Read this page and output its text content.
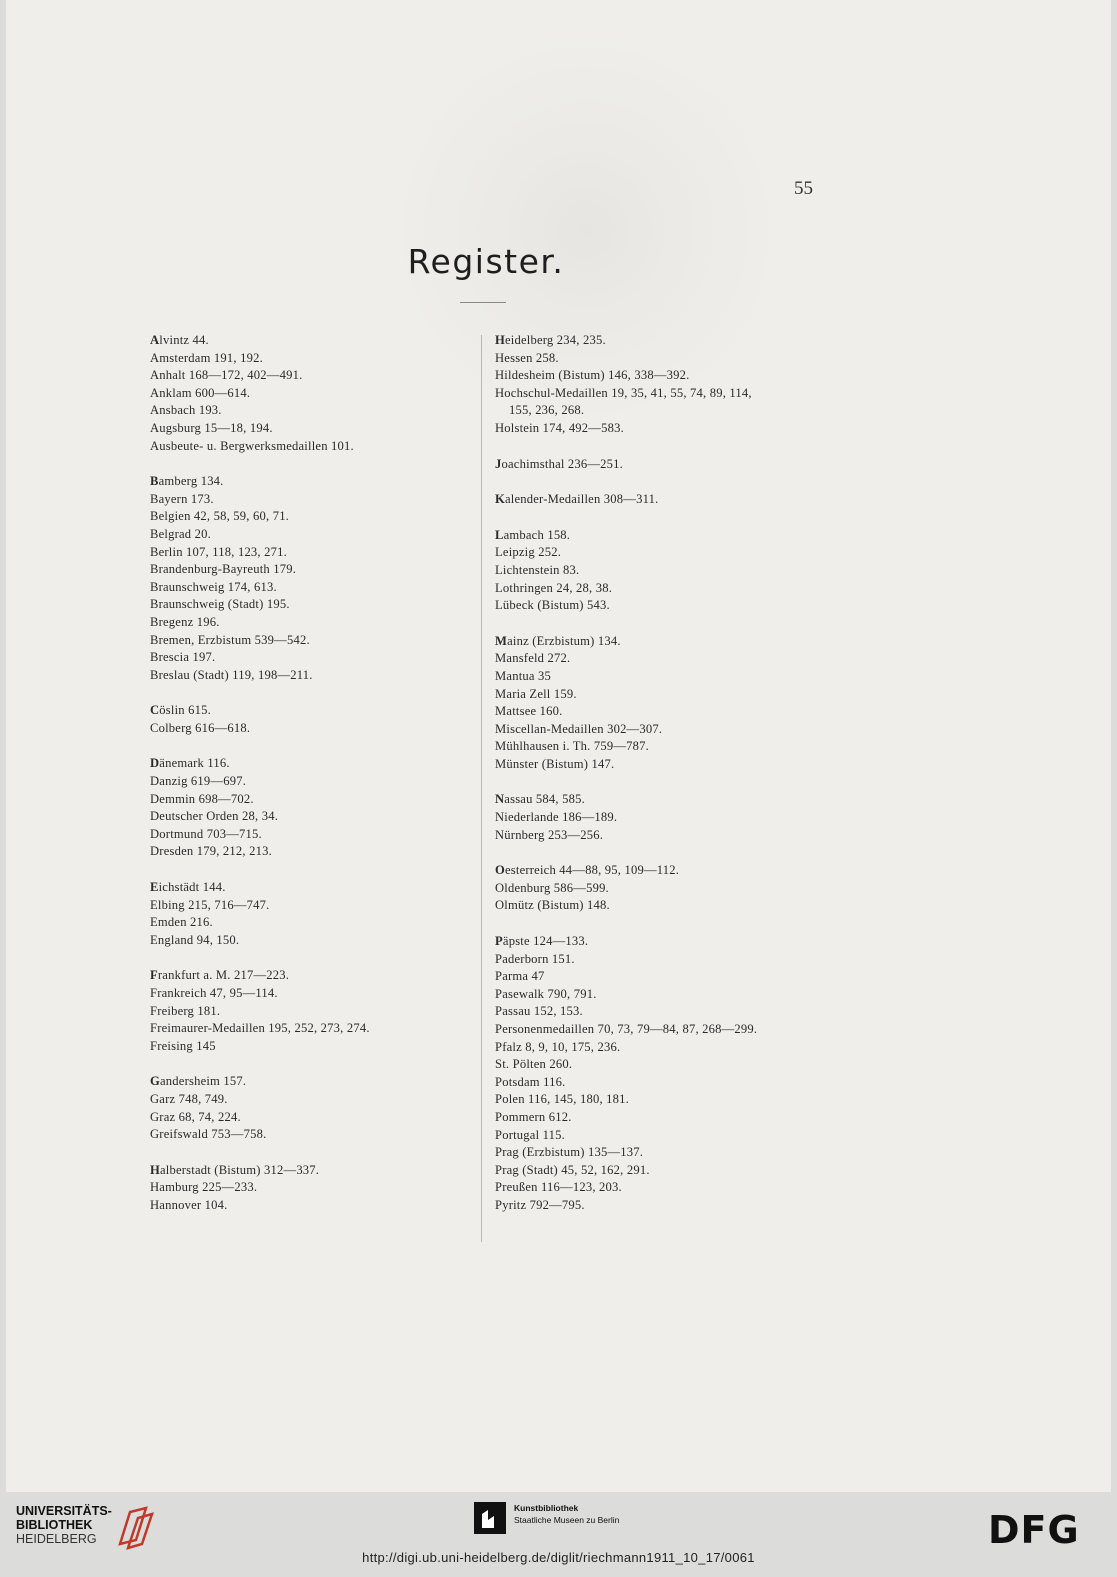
55
Register.
Alvintz 44.
Amsterdam 191, 192.
Anhalt 168—172, 402—491.
Anklam 600—614.
Ansbach 193.
Augsburg 15—18, 194.
Ausbeute- u. Bergwerksmedaillen 101.
Bamberg 134.
Bayern 173.
Belgien 42, 58, 59, 60, 71.
Belgrad 20.
Berlin 107, 118, 123, 271.
Brandenburg-Bayreuth 179.
Braunschweig 174, 613.
Braunschweig (Stadt) 195.
Bregenz 196.
Bremen, Erzbistum 539—542.
Brescia 197.
Breslau (Stadt) 119, 198—211.
Cöslin 615.
Colberg 616—618.
Dänemark 116.
Danzig 619—697.
Demmin 698—702.
Deutscher Orden 28, 34.
Dortmund 703—715.
Dresden 179, 212, 213.
Eichstädt 144.
Elbing 215, 716—747.
Emden 216.
England 94, 150.
Frankfurt a. M. 217—223.
Frankreich 47, 95—114.
Freiberg 181.
Freimaurer-Medaillen 195, 252, 273, 274.
Freising 145
Gandersheim 157.
Garz 748, 749.
Graz 68, 74, 224.
Greifswald 753—758.
Halberstadt (Bistum) 312—337.
Hamburg 225—233.
Hannover 104.
Heidelberg 234, 235.
Hessen 258.
Hildesheim (Bistum) 146, 338—392.
Hochschul-Medaillen 19, 35, 41, 55, 74, 89, 114,
155, 236, 268.
Holstein 174, 492—583.
Joachimsthal 236—251.
Kalender-Medaillen 308—311.
Lambach 158.
Leipzig 252.
Lichtenstein 83.
Lothringen 24, 28, 38.
Lübeck (Bistum) 543.
Mainz (Erzbistum) 134.
Mansfeld 272.
Mantua 35
Maria Zell 159.
Mattsee 160.
Miscellan-Medaillen 302—307.
Mühlhausen i. Th. 759—787.
Münster (Bistum) 147.
Nassau 584, 585.
Niederlande 186—189.
Nürnberg 253—256.
Oesterreich 44—88, 95, 109—112.
Oldenburg 586—599.
Olmütz (Bistum) 148.
Päpste 124—133.
Paderborn 151.
Parma 47
Pasewalk 790, 791.
Passau 152, 153.
Personenmedaillen 70, 73, 79—84, 87, 268—299.
Pfalz 8, 9, 10, 175, 236.
St. Pölten 260.
Potsdam 116.
Polen 116, 145, 180, 181.
Pommern 612.
Portugal 115.
Prag (Erzbistum) 135—137.
Prag (Stadt) 45, 52, 162, 291.
Preußen 116—123, 203.
Pyritz 792—795.
UNIVERSITÄTS-
BIBLIOTHEK
HEIDELBERG
Kunstbibliothek
Staatliche Museen zu Berlin	DFG
http://digi.ub.uni-heidelberg.de/diglit/riechmann1911_10_17/0061
